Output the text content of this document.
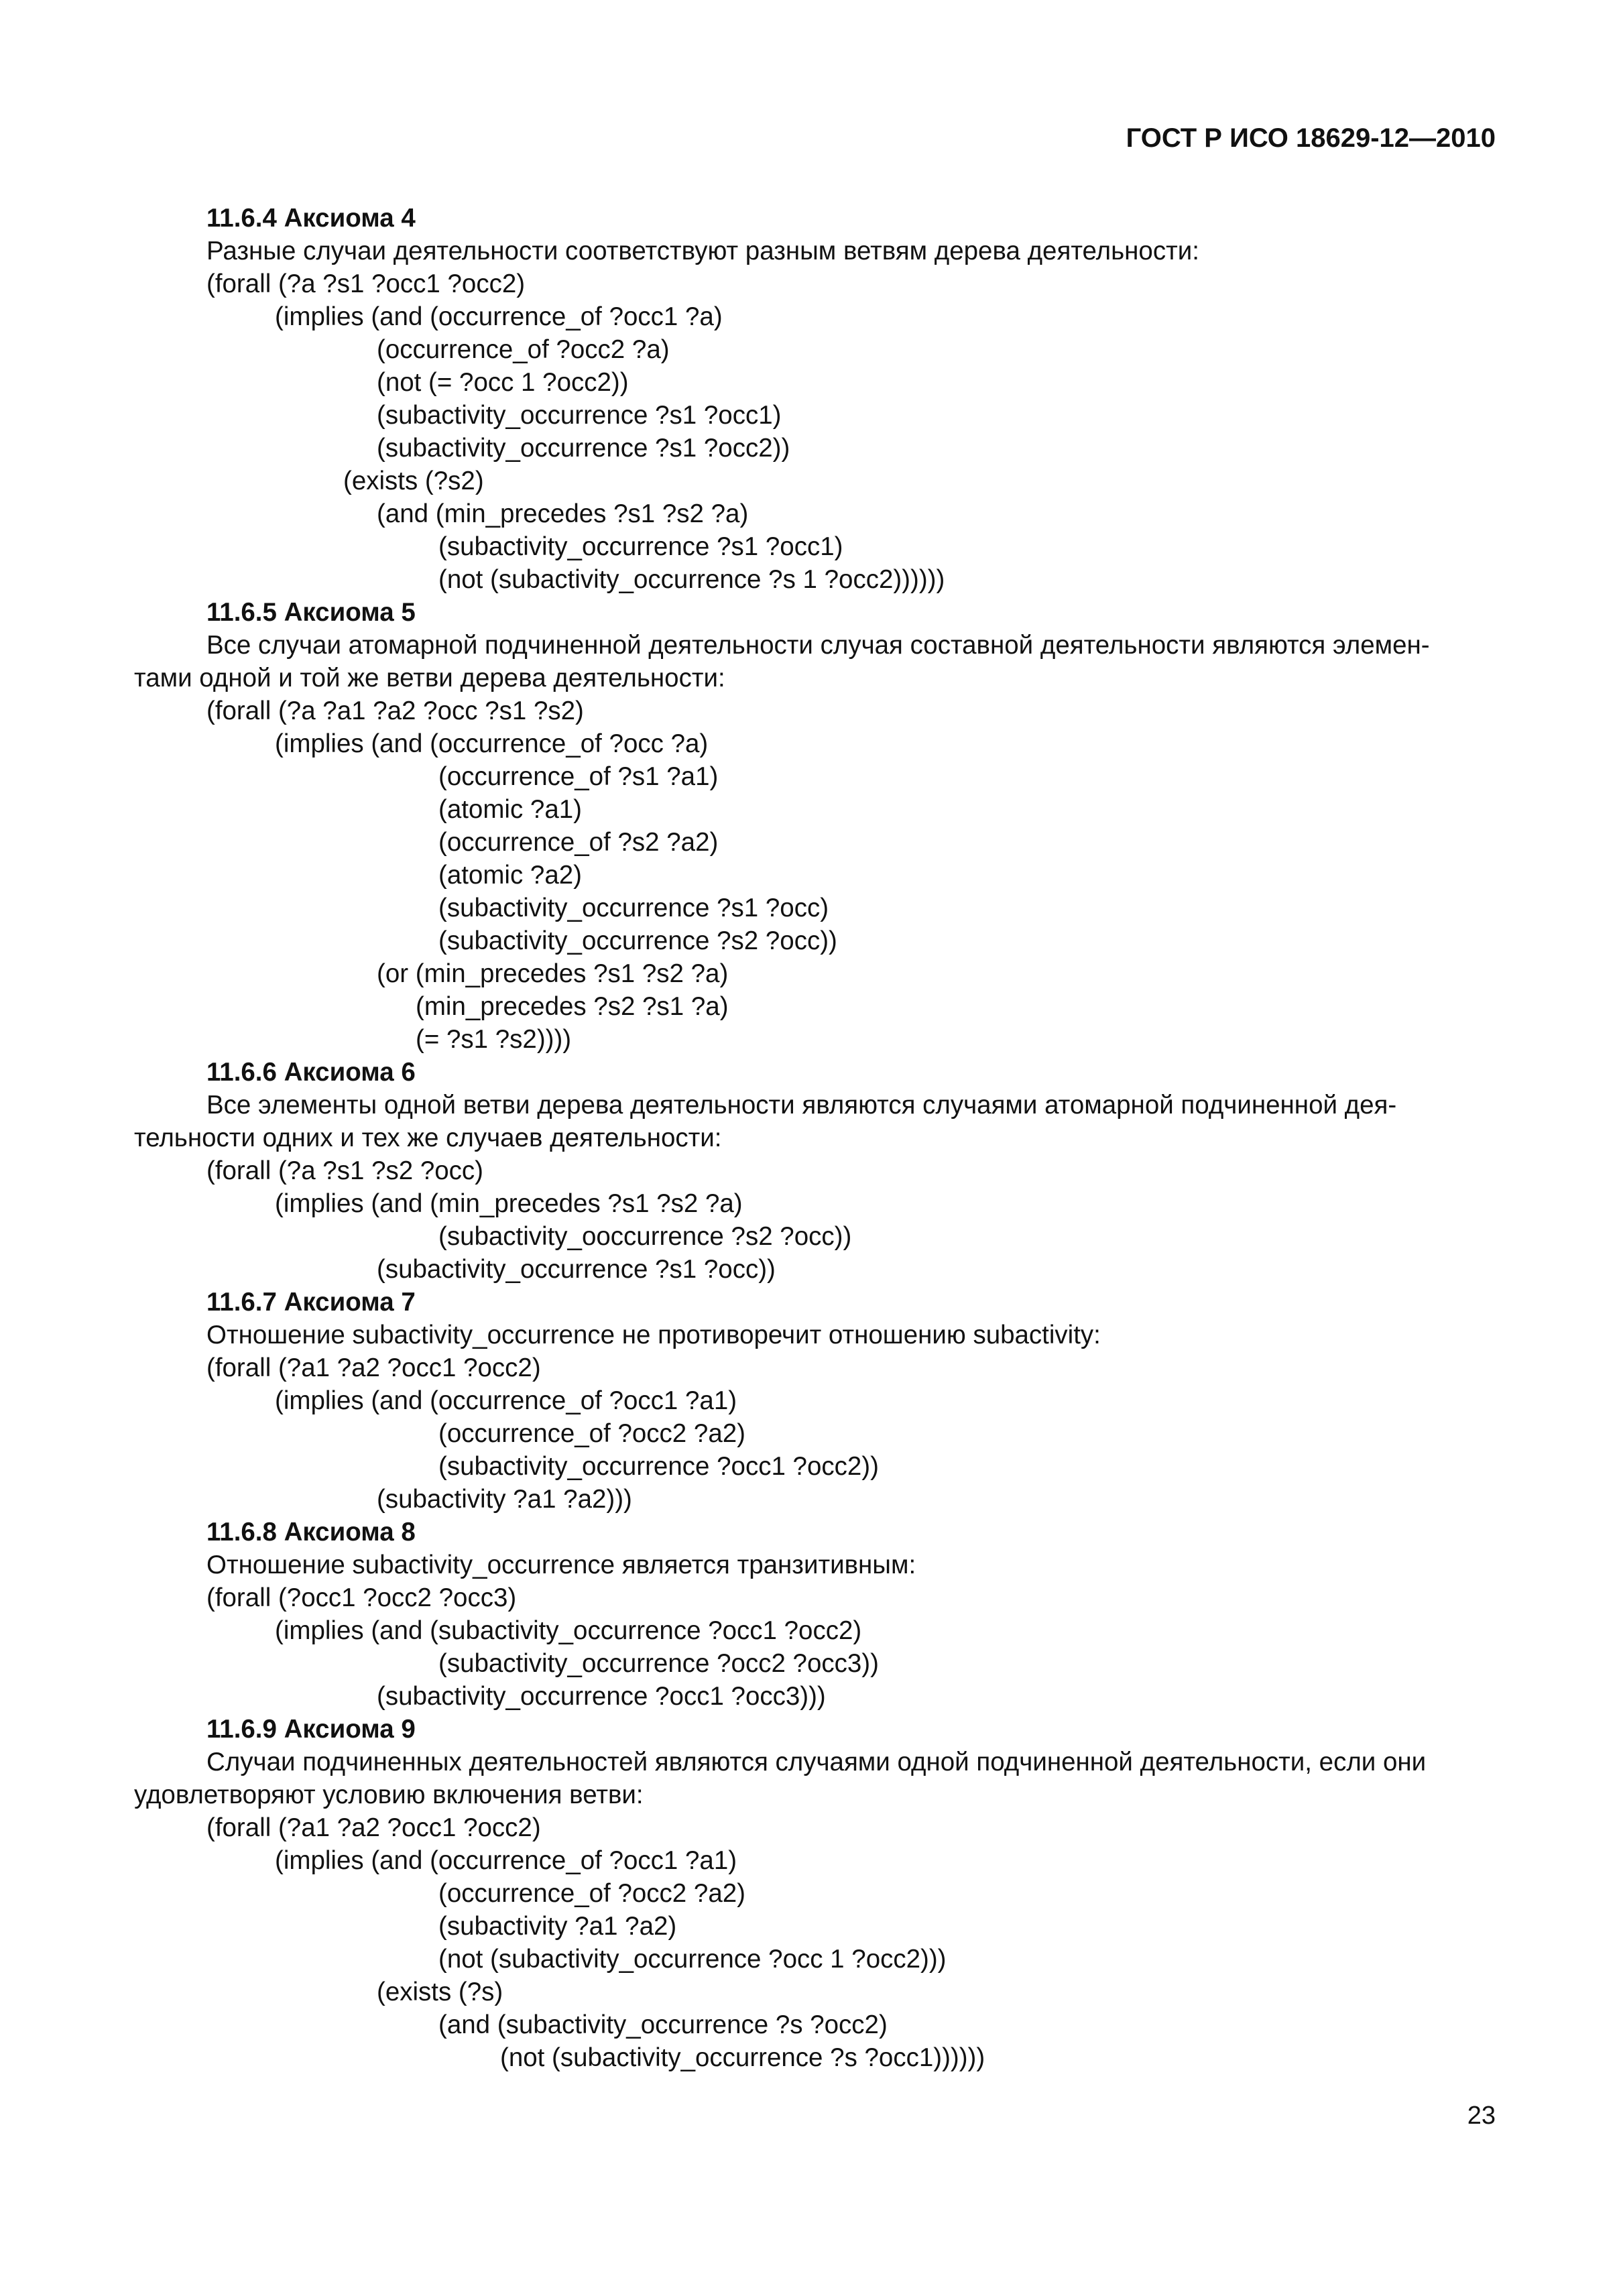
ГОСТ Р ИСО 18629-12—2010
11.6.4 Аксиома 4
Разные случаи деятельности соответствуют разным ветвям дерева деятельности:
(forall (?a ?s1 ?occ1 ?occ2)
(implies (and (occurrence_of ?occ1 ?a)
(occurrence_of ?occ2 ?a)
(not (= ?occ 1 ?occ2))
(subactivity_occurrence ?s1 ?occ1)
(subactivity_occurrence ?s1 ?occ2))
(exists (?s2)
(and (min_precedes ?s1 ?s2 ?a)
(subactivity_occurrence ?s1 ?occ1)
(not (subactivity_occurrence ?s 1 ?occ2))))))
11.6.5 Аксиома 5
Все случаи атомарной подчиненной деятельности случая составной деятельности являются элемен-
тами одной и той же ветви дерева деятельности:
(forall (?a ?a1 ?a2 ?occ ?s1 ?s2)
(implies (and (occurrence_of ?occ ?a)
(occurrence_of ?s1 ?a1)
(atomic ?a1)
(occurrence_of ?s2 ?a2)
(atomic ?a2)
(subactivity_occurrence ?s1 ?occ)
(subactivity_occurrence ?s2 ?occ))
(or (min_precedes ?s1 ?s2 ?a)
(min_precedes ?s2 ?s1 ?a)
(= ?s1 ?s2))))
11.6.6 Аксиома 6
Все элементы одной ветви дерева деятельности являются случаями атомарной подчиненной дея-
тельности одних и тех же случаев деятельности:
(forall (?a ?s1 ?s2 ?occ)
(implies (and (min_precedes ?s1 ?s2 ?a)
(subactivity_ooccurrence ?s2 ?occ))
(subactivity_occurrence ?s1 ?occ))
11.6.7 Аксиома 7
Отношение subactivity_occurrence не противоречит отношению subactivity:
(forall (?a1 ?a2 ?occ1 ?occ2)
(implies (and (occurrence_of ?occ1 ?a1)
(occurrence_of ?occ2 ?a2)
(subactivity_occurrence ?occ1 ?occ2))
(subactivity ?a1 ?a2)))
11.6.8 Аксиома 8
Отношение subactivity_occurrence является транзитивным:
(forall (?occ1 ?occ2 ?occ3)
(implies (and (subactivity_occurrence ?occ1 ?occ2)
(subactivity_occurrence ?occ2 ?occ3))
(subactivity_occurrence ?occ1 ?occ3)))
11.6.9 Аксиома 9
Случаи подчиненных деятельностей являются случаями одной подчиненной деятельности, если они
удовлетворяют условию включения ветви:
(forall (?a1 ?a2 ?occ1 ?occ2)
(implies (and (occurrence_of ?occ1 ?a1)
(occurrence_of ?occ2 ?a2)
(subactivity ?a1 ?a2)
(not (subactivity_occurrence ?occ 1 ?occ2)))
(exists (?s)
(and (subactivity_occurrence ?s ?occ2)
(not (subactivity_occurrence ?s ?occ1))))))
23
